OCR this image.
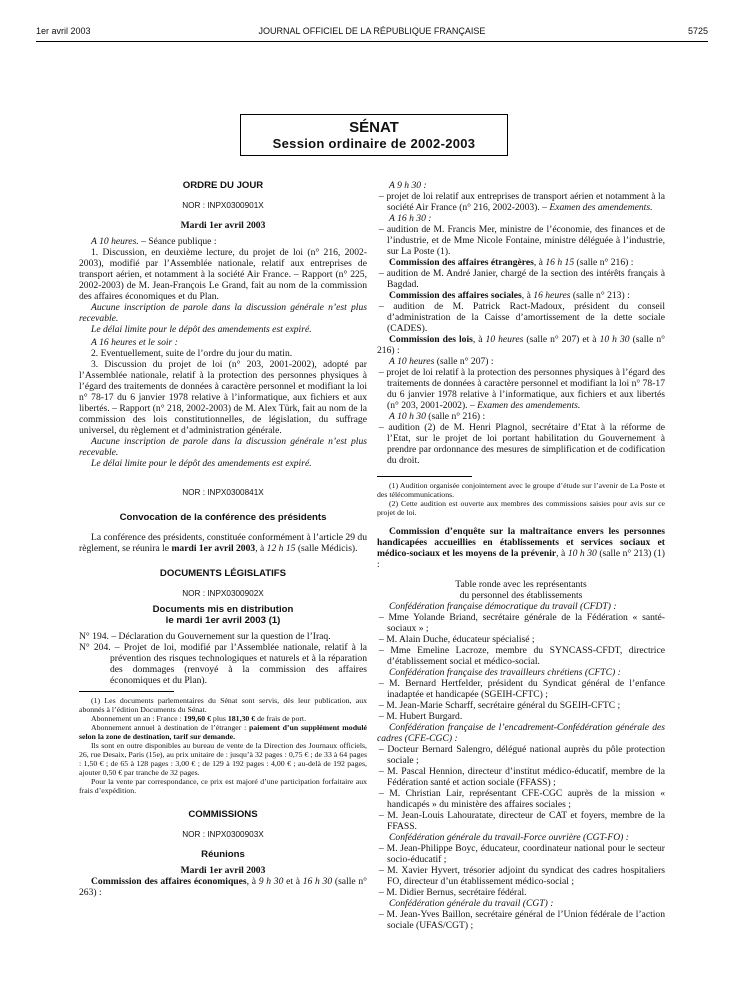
1er avril 2003	JOURNAL OFFICIEL DE LA RÉPUBLIQUE FRANÇAISE	5725
SÉNAT
Session ordinaire de 2002-2003
ORDRE DU JOUR
NOR : INPX0300901X
Mardi 1er avril 2003

A 10 heures. – Séance publique :

1. Discussion, en deuxième lecture, du projet de loi (n° 216, 2002-2003), modifié par l’Assemblée nationale, relatif aux entreprises de transport aérien, et notamment à la société Air France. – Rapport (n° 225, 2002-2003) de M. Jean-François Le Grand, fait au nom de la commission des affaires économiques et du Plan.

Aucune inscription de parole dans la discussion générale n’est plus recevable.

Le délai limite pour le dépôt des amendements est expiré.

A 16 heures et le soir :

2. Eventuellement, suite de l’ordre du jour du matin.

3. Discussion du projet de loi (n° 203, 2001-2002), adopté par l’Assemblée nationale, relatif à la protection des personnes physiques à l’égard des traitements de données à caractère personnel et modifiant la loi n° 78-17 du 6 janvier 1978 relative à l’informatique, aux fichiers et aux libertés. – Rapport (n° 218, 2002-2003) de M. Alex Türk, fait au nom de la commission des lois constitutionnelles, de législation, du suffrage universel, du règlement et d’administration générale.

Aucune inscription de parole dans la discussion générale n’est plus recevable.

Le délai limite pour le dépôt des amendements est expiré.

NOR : INPX0300841X
Convocation de la conférence des présidents

La conférence des présidents, constituée conformément à l’article 29 du règlement, se réunira le mardi 1er avril 2003, à 12 h 15 (salle Médicis).

DOCUMENTS LÉGISLATIFS
NOR : INPX0300902X
Documents mis en distribution
le mardi 1er avril 2003 (1)

N° 194. – Déclaration du Gouvernement sur la question de l’Iraq.

N° 204. – Projet de loi, modifié par l’Assemblée nationale, relatif à la prévention des risques technologiques et naturels et à la réparation des dommages (renvoyé à la commission des affaires économiques et du Plan).

(1) Les documents parlementaires du Sénat sont servis, dès leur publication, aux abonnés à l’édition Documents du Sénat.

Abonnement un an : France : 199,60 € plus 181,30 € de frais de port.

Abonnement annuel à destination de l’étranger : paiement d’un supplément modulé selon la zone de destination, tarif sur demande.

Ils sont en outre disponibles au bureau de vente de la Direction des Journaux officiels, 26, rue Desaix, Paris (15e), au prix unitaire de : jusqu’à 32 pages : 0,75 € ; de 33 à 64 pages : 1,50 € ; de 65 à 128 pages : 3,00 € ; de 129 à 192 pages : 4,00 € ; au-delà de 192 pages, ajouter 0,50 € par tranche de 32 pages.

Pour la vente par correspondance, ce prix est majoré d’une participation forfaitaire aux frais d’expédition.

COMMISSIONS
NOR : INPX0300903X
Réunions
Mardi 1er avril 2003

Commission des affaires économiques, à 9 h 30 et à 16 h 30 (salle n° 263) :

A 9 h 30 :

– projet de loi relatif aux entreprises de transport aérien et notamment à la société Air France (n° 216, 2002-2003). – Examen des amendements.

A 16 h 30 :

– audition de M. Francis Mer, ministre de l’économie, des finances et de l’industrie, et de Mme Nicole Fontaine, ministre déléguée à l’industrie, sur La Poste (1).

Commission des affaires étrangères, à 16 h 15 (salle n° 216) :

– audition de M. André Janier, chargé de la section des intérêts français à Bagdad.

Commission des affaires sociales, à 16 heures (salle n° 213) :

– audition de M. Patrick Ract-Madoux, président du conseil d’administration de la Caisse d’amortissement de la dette sociale (CADES).

Commission des lois, à 10 heures (salle n° 207) et à 10 h 30 (salle n° 216) :

A 10 heures (salle n° 207) :

– projet de loi relatif à la protection des personnes physiques à l’égard des traitements de données à caractère personnel et modifiant la loi n° 78-17 du 6 janvier 1978 relative à l’informatique, aux fichiers et aux libertés (n° 203, 2001-2002). – Examen des amendements.

A 10 h 30 (salle n° 216) :

– audition (2) de M. Henri Plagnol, secrétaire d’Etat à la réforme de l’Etat, sur le projet de loi portant habilitation du Gouvernement à prendre par ordonnance des mesures de simplification et de codification du droit.

(1) Audition organisée conjointement avec le groupe d’étude sur l’avenir de La Poste et des télécommunications.

(2) Cette audition est ouverte aux membres des commissions saisies pour avis sur ce projet de loi.

Commission d’enquête sur la maltraitance envers les personnes handicapées accueillies en établissements et services sociaux et médico-sociaux et les moyens de la prévenir, à 10 h 30 (salle n° 213) (1) :

Table ronde avec les représentants
du personnel des établissements

Confédération française démocratique du travail (CFDT) :

– Mme Yolande Briand, secrétaire générale de la Fédération « santé-sociaux » ;

– M. Alain Duche, éducateur spécialisé ;

– Mme Emeline Lacroze, membre du SYNCASS-CFDT, directrice d’établissement social et médico-social.

Confédération française des travailleurs chrétiens (CFTC) :

– M. Bernard Hertfelder, président du Syndicat général de l’enfance inadaptée et handicapée (SGEIH-CFTC) ;

– M. Jean-Marie Scharff, secrétaire général du SGEIH-CFTC ;

– M. Hubert Burgard.

Confédération française de l’encadrement-Confédération générale des cadres (CFE-CGC) :

– Docteur Bernard Salengro, délégué national auprès du pôle protection sociale ;

– M. Pascal Hennion, directeur d’institut médico-éducatif, membre de la Fédération santé et action sociale (FFASS) ;

– M. Christian Lair, représentant CFE-CGC auprès de la mission « handicapés » du ministère des affaires sociales ;

– M. Jean-Louis Lahouratate, directeur de CAT et foyers, membre de la FFASS.

Confédération générale du travail-Force ouvrière (CGT-FO) :

– M. Jean-Philippe Boyc, éducateur, coordinateur national pour le secteur socio-éducatif ;

– M. Xavier Hyvert, trésorier adjoint du syndicat des cadres hospitaliers FO, directeur d’un établissement médico-social ;

– M. Didier Bernus, secrétaire fédéral.

Confédération générale du travail (CGT) :

– M. Jean-Yves Baillon, secrétaire général de l’Union fédérale de l’action sociale (UFAS/CGT) ;
